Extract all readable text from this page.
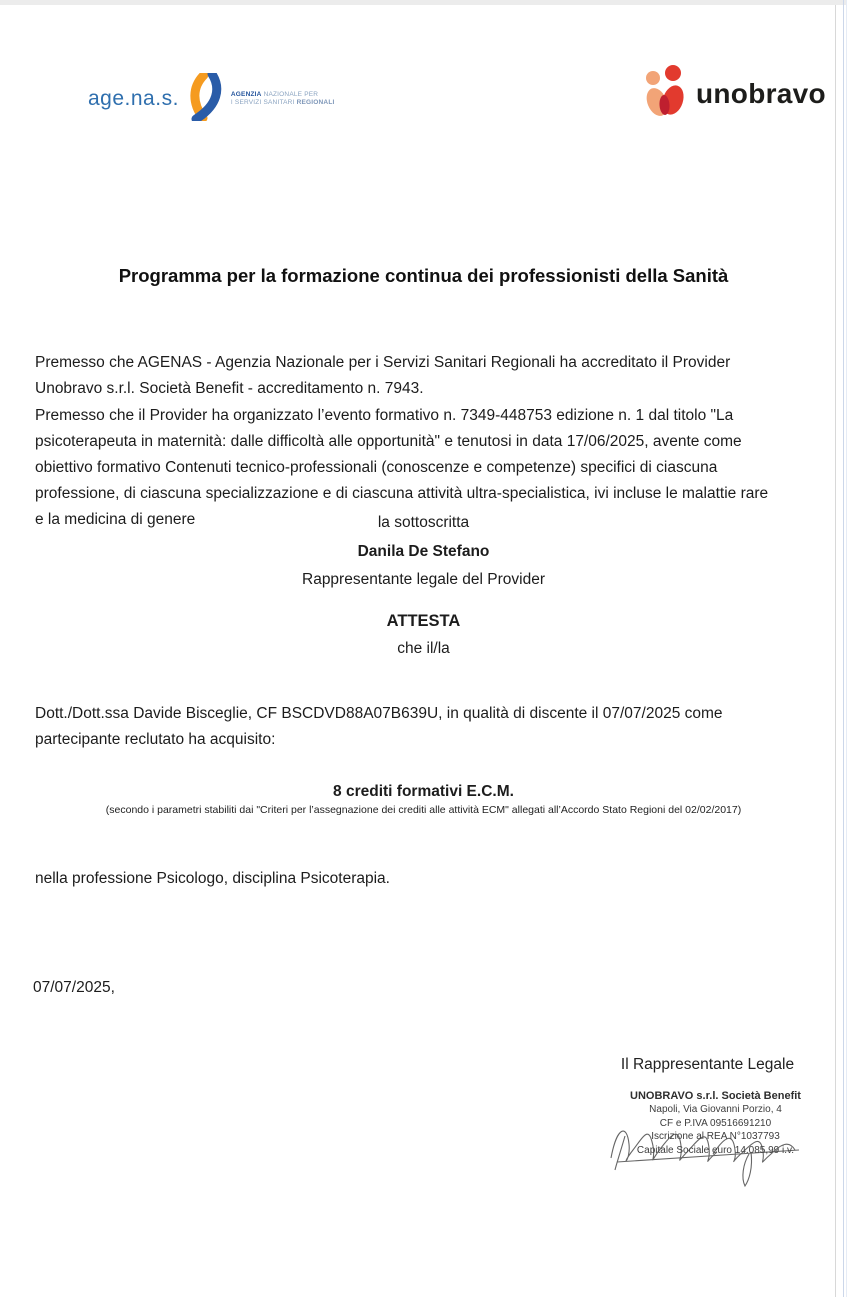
age.na.s.	AGENZIA NAZIONALE PER
I SERVIZI SANITARI REGIONALI	unobravo
Programma per la formazione continua dei professionisti della Sanità
Premesso che AGENAS - Agenzia Nazionale per i Servizi Sanitari Regionali ha accreditato il Provider
Unobravo s.r.l. Società Benefit - accreditamento n. 7943.
Premesso che il Provider ha organizzato l’evento formativo n. 7349-448753 edizione n. 1 dal titolo "La
psicoterapeuta in maternità: dalle difficoltà alle opportunità" e tenutosi in data 17/06/2025, avente come
obiettivo formativo Contenuti tecnico-professionali (conoscenze e competenze) specifici di ciascuna
professione, di ciascuna specializzazione e di ciascuna attività ultra-specialistica, ivi incluse le malattie rare
e la medicina di genere	la sottoscritta
Danila De Stefano
Rappresentante legale del Provider
ATTESTA
che il/la
Dott./Dott.ssa Davide Bisceglie, CF BSCDVD88A07B639U, in qualità di discente il 07/07/2025 come
partecipante reclutato ha acquisito:
8 crediti formativi E.C.M.
(secondo i parametri stabiliti dai "Criteri per l’assegnazione dei crediti alle attività ECM" allegati all’Accordo Stato Regioni del 02/02/2017)
nella professione Psicologo, disciplina Psicoterapia.
07/07/2025,
Il Rappresentante Legale
UNOBRAVO s.r.l. Società Benefit
Napoli, Via Giovanni Porzio, 4
CF e P.IVA 09516691210
Iscrizione al REA N°1037793
Capitale Sociale euro 14.085,99 i.v.
